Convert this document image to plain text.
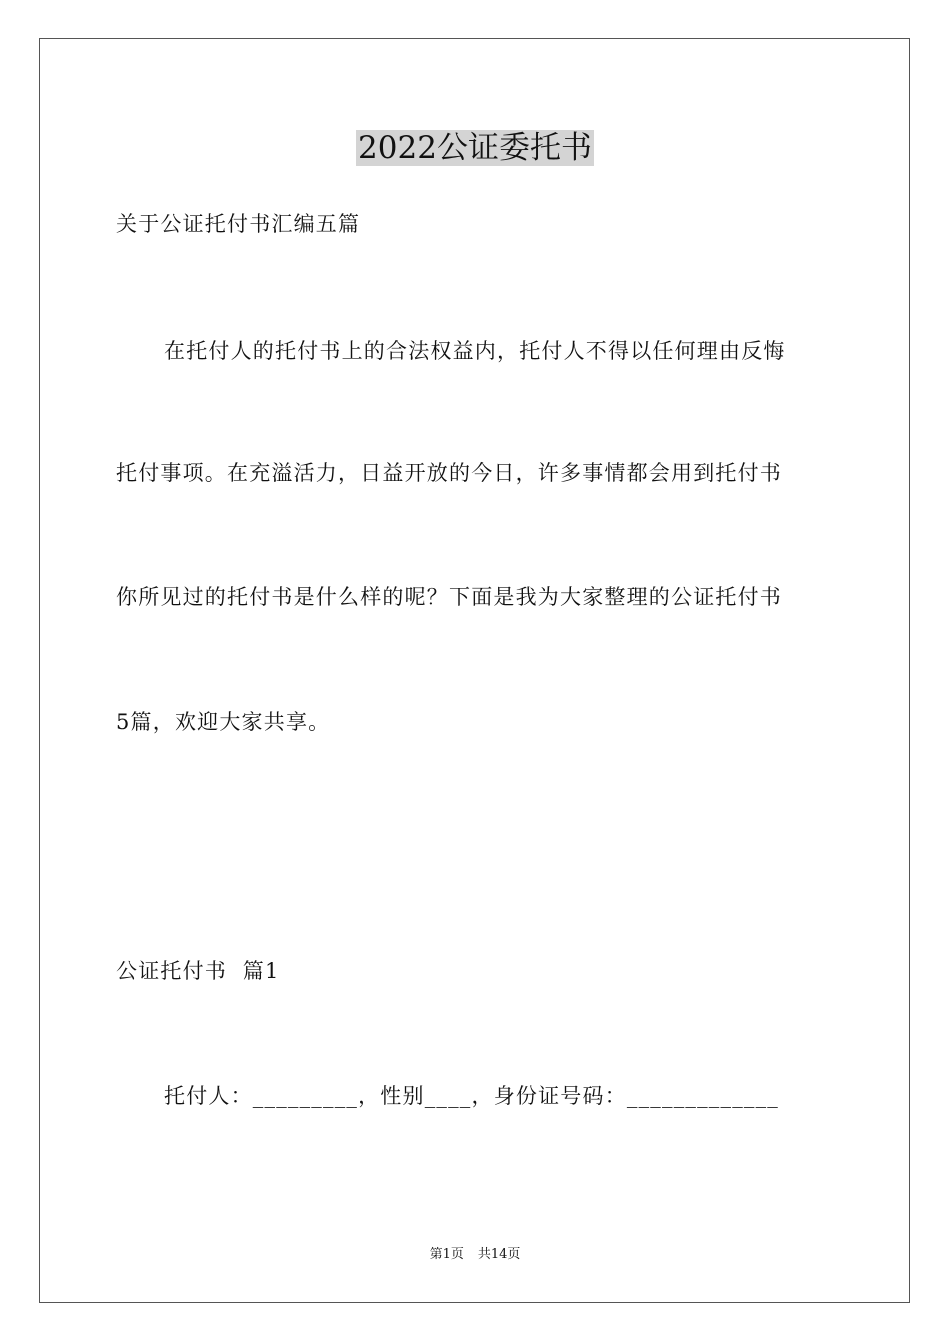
2022公证委托书
关于公证托付书汇编五篇
在托付人的托付书上的合法权益内，托付人不得以任何理由反悔
托付事项。在充溢活力，日益开放的今日，许多事情都会用到托付书
你所见过的托付书是什么样的呢？下面是我为大家整理的公证托付书
5篇，欢迎大家共享。
公证托付书  篇1
托付人：_________，性别____，身份证号码：_____________
第1页 共14页
